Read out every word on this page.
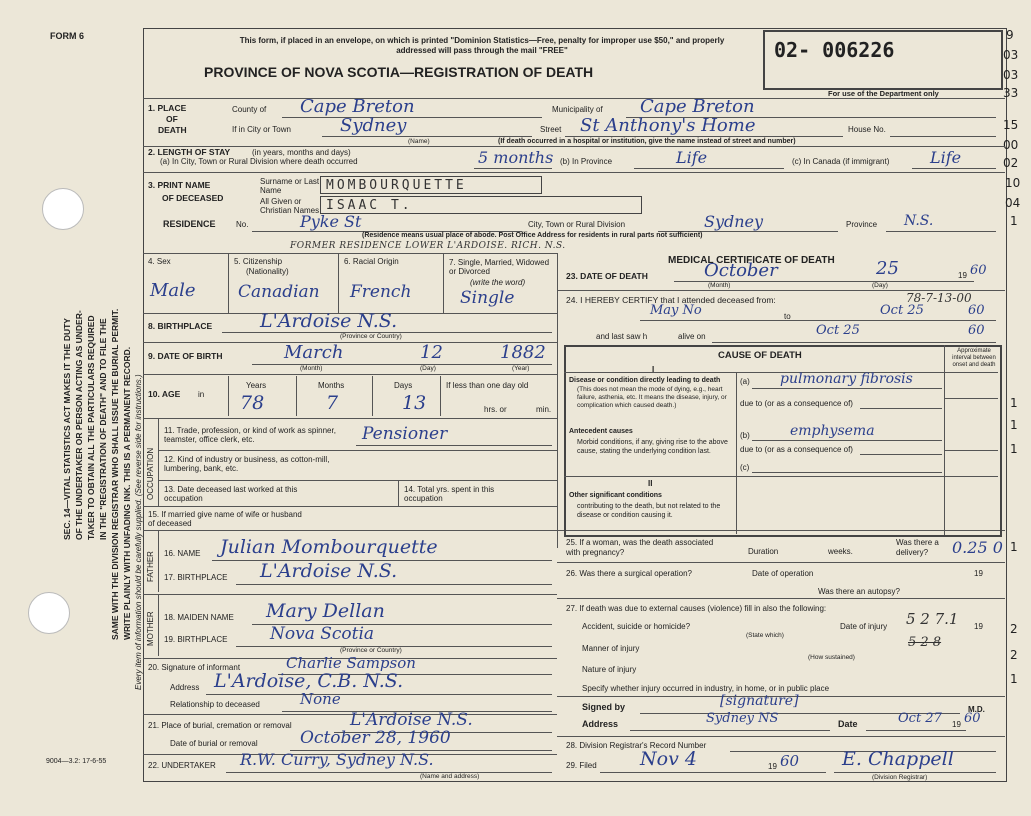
FORM 6
SEC. 14—VITAL STATISTICS ACT MAKES IT THE DUTY OF THE UNDERTAKER OR PERSON ACTING AS UNDER- TAKER TO OBTAIN ALL THE PARTICULARS REQUIRED IN THE "REGISTRATION OF DEATH" AND TO FILE THE SAME WITH THE DIVISION REGISTRAR WHO SHALL ISSUE THE BURIAL PERMIT. WRITE PLAINLY WITH UNFADING INK. THIS IS A PERMANENT RECORD. Every item of information should be carefully supplied. (See reverse side for instructions.)
9004—3.2: 17-6-55
This form, if placed in an envelope, on which is printed "Dominion Statistics—Free, penalty for improper use $50," and properly addressed will pass through the mail "FREE"	02- 006226
For use of the Department only
PROVINCE OF NOVA SCOTIA—REGISTRATION OF DEATH
9
03
03
33
15
00
02
10
04
1
1
1
1
1
2
2
1
1. PLACE
OF
DEATH
County of Cape Breton	Municipality of Cape Breton
If in City or Town	Sydney
(Name)
Street St Anthony's Home	House No.
(If death occurred in a hospital or institution, give the name instead of street and number)
2. LENGTH OF STAY	(in years, months and days)
(a) In City, Town or Rural Division where death occurred	5 months (b) In Province	Life	(c) In Canada (if immigrant)	Life
3. PRINT NAME
OF DECEASED
Surname or Last Name	MOMBOURQUETTE
All Given or Christian Names ISAAC T.
RESIDENCE	No.	Pyke St	City, Town or Rural Division	Sydney	Province N.S.
(Residence means usual place of abode. Post Office Address for residents in rural parts not sufficient)
FORMER RESIDENCE LOWER L'ARDOISE. RICH. N.S.
4. Sex
Male
5. Citizenship
(Nationality)
Canadian
6. Racial Origin
French
7. Single, Married, Widowed or Divorced
(write the word)
Single
8. BIRTHPLACE	L'Ardoise N.S.
(Province or Country)
9. DATE OF BIRTH	March	12	1882
(Month)	(Day)	(Year)
10. AGE in
Years	Months	Days
78	7	13
If less than one day old
hrs. or	min.
OCCUPATION
11. Trade, profession, or kind of work as spinner, teamster, office clerk, etc.	Pensioner
12. Kind of industry or business, as cotton-mill, lumbering, bank, etc.
13. Date deceased last worked at this occupation
14. Total yrs. spent in this occupation
15. If married give name of wife or husband of deceased
FATHER 16. NAME Julian Mombourquette
17. BIRTHPLACE L'Ardoise N.S.
MOTHER 18. MAIDEN NAME Mary Dellan
19. BIRTHPLACE	Nova Scotia
(Province or Country)
20. Signature of informant	Charlie Sampson
Address L'Ardoise, C.B. N.S.
Relationship to deceased	None
21. Place of burial, cremation or removal	L'Ardoise N.S.
Date of burial or removal October 28, 1960
22. UNDERTAKER R.W. Curry, Sydney N.S.
(Name and address)
MEDICAL CERTIFICATE OF DEATH
23. DATE OF DEATH	October	25	19 60
(Month)	(Day)
24. I HEREBY CERTIFY that I attended deceased from:	78-7-13-00
May No	to	Oct 25	60
and last saw h	alive on	Oct 25	60
CAUSE OF DEATH	Approximate interval between onset and death
I
Disease or condition directly leading to death
(This does not mean the mode of dying, e.g., heart failure, asthenia, etc. It means the disease, injury, or complication which caused death.)
(a) pulmonary fibrosis
due to (or as a consequence of)
Antecedent causes
Morbid conditions, if any, giving rise to the above cause, stating the underlying condition last.
(b)	emphysema
due to (or as a consequence of)
(c)
II
Other significant conditions
contributing to the death, but not related to the disease or condition causing it.
25. If a woman, was the death associated with pregnancy?	Duration	weeks.
Was there a delivery?	0.25 0
26. Was there a surgical operation?	Date of operation	19
Was there an autopsy?
27. If death was due to external causes (violence) fill in also the following:
Accident, suicide or homicide?	Date of injury 5 2 7.1 19
(State which)
Manner of injury	5 2 8
(How sustained)
Nature of injury
Specify whether injury occurred in industry, in home, or in public place
Signed by	[signature]
M.D.
Address	Sydney NS	Date	Oct 27 19 60
28. Division Registrar's Record Number
29. Filed Nov 4	19 60 E. Chappell
(Division Registrar)
